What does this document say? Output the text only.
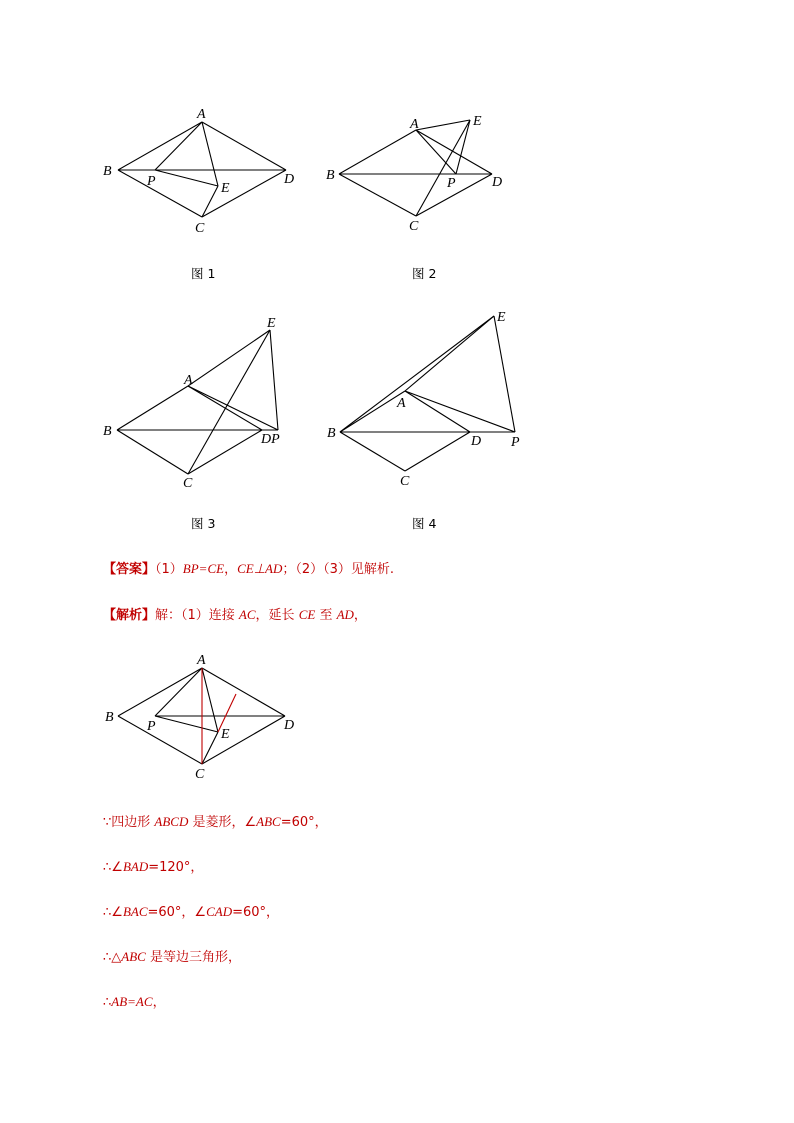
A
B
C
D
E
P
图 1
A
B
C
D
E
P
图 2
A
B
C
DP
E
图 3
A
B
C
D
E
P
图 4
【答案】（1）BP=CE，CE⊥AD；（2）（3）见解析.
【解析】解：（1）连接 AC，延长 CE 至 AD，
A
B
C
D
E
P
∵四边形 ABCD 是菱形，∠ABC=60°，
∴∠BAD=120°，
∴∠BAC=60°，∠CAD=60°，
∴△ABC 是等边三角形，
∴AB=AC，
